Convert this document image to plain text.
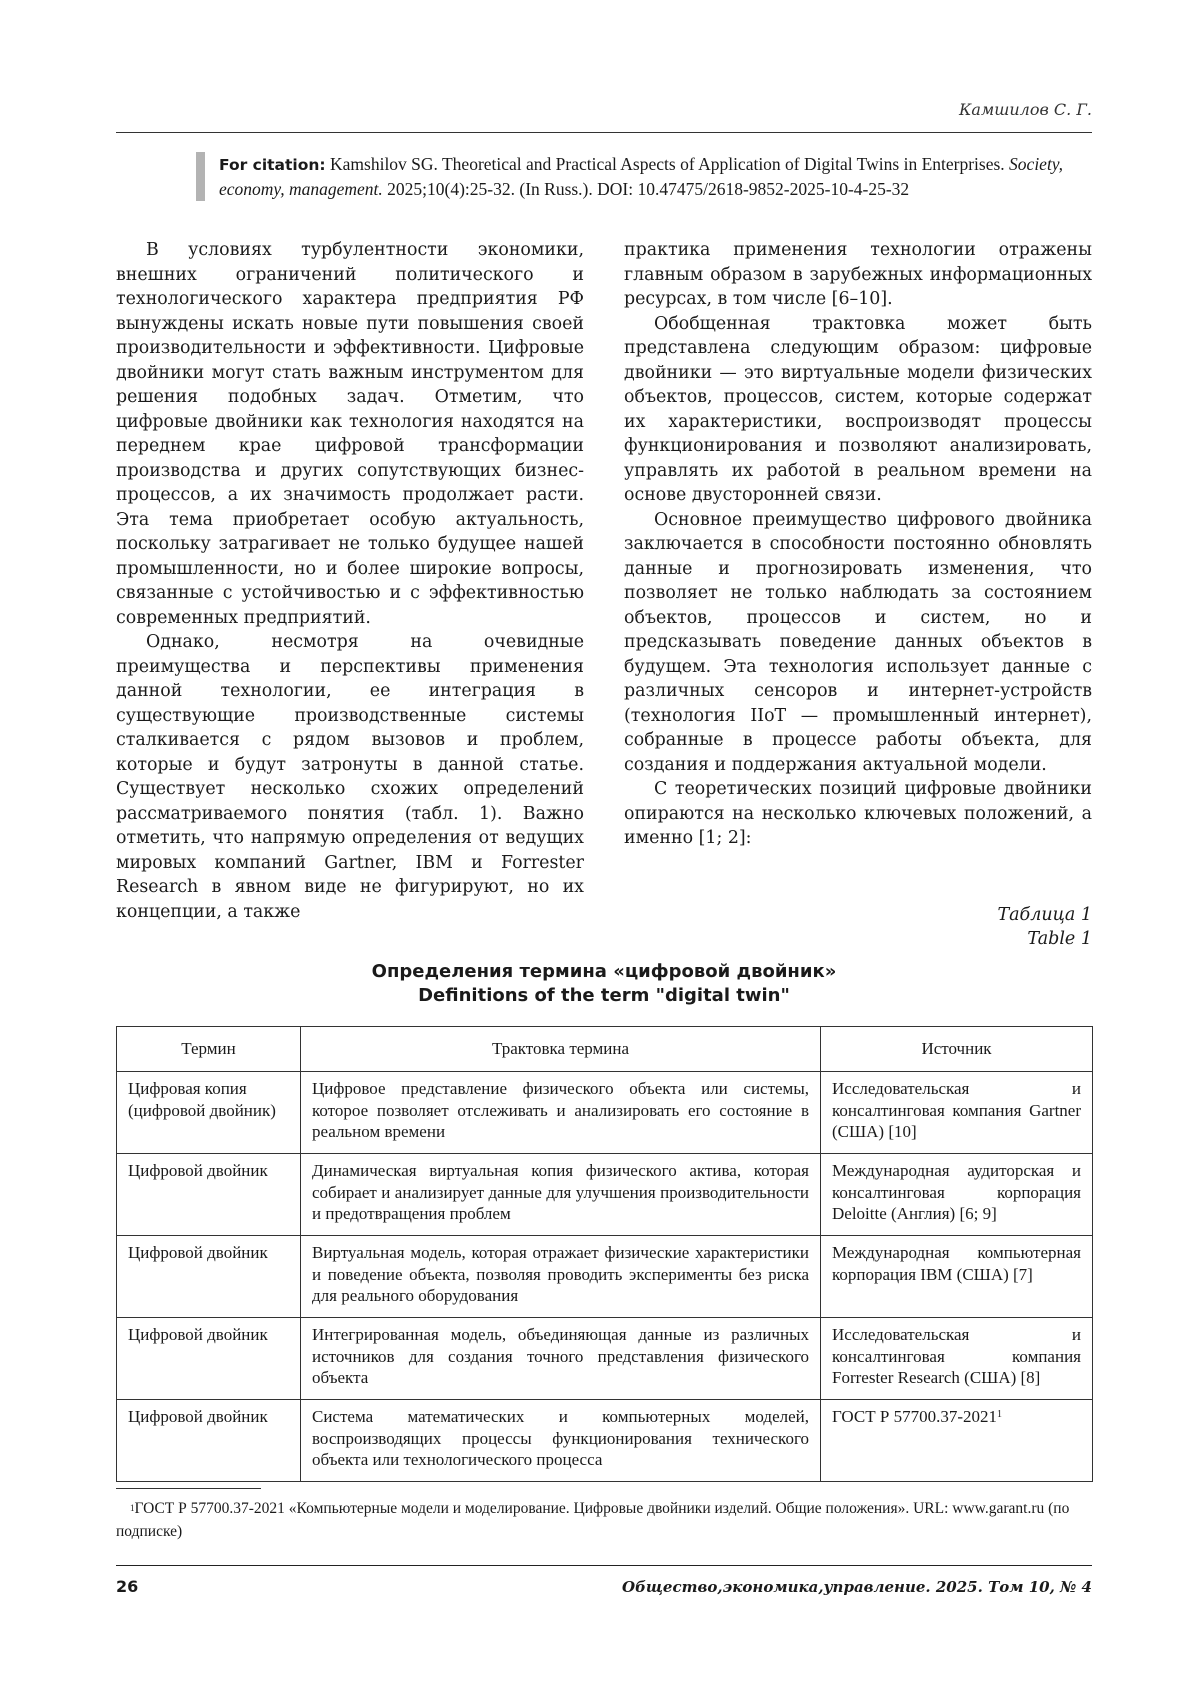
Камшилов С. Г.
For citation: Kamshilov SG. Theoretical and Practical Aspects of Application of Digital Twins in Enterprises. Society, economy, management. 2025;10(4):25-32. (In Russ.). DOI: 10.47475/2618-9852-2025-10-4-25-32

В условиях турбулентности экономики, внешних ограничений политического и технологического характера предприятия РФ вынуждены искать новые пути повышения своей производительности и эффективности. Цифровые двойники могут стать важным инструментом для решения подобных задач. Отметим, что цифровые двойники как технология находятся на переднем крае цифровой трансформации производства и других сопутствующих бизнес-процессов, а их значимость продолжает расти. Эта тема приобретает особую актуальность, поскольку затрагивает не только будущее нашей промышленности, но и более широкие вопросы, связанные с устойчивостью и с эффективностью современных предприятий.

Однако, несмотря на очевидные преимущества и перспективы применения данной технологии, ее интеграция в существующие производственные системы сталкивается с рядом вызовов и проблем, которые и будут затронуты в данной статье. Существует несколько схожих определений рассматриваемого понятия (табл. 1). Важно отметить, что напрямую определения от ведущих мировых компаний Gartner, IBM и Forrester Research в явном виде не фигурируют, но их концепции, а также

практика применения технологии отражены главным образом в зарубежных информационных ресурсах, в том числе [6–10].

Обобщенная трактовка может быть представлена следующим образом: цифровые двойники — это виртуальные модели физических объектов, процессов, систем, которые содержат их характеристики, воспроизводят процессы функционирования и позволяют анализировать, управлять их работой в реальном времени на основе двусторонней связи.

Основное преимущество цифрового двойника заключается в способности постоянно обновлять данные и прогнозировать изменения, что позволяет не только наблюдать за состоянием объектов, процессов и систем, но и предсказывать поведение данных объектов в будущем. Эта технология использует данные с различных сенсоров и интернет-устройств (технология IIoT — промышленный интернет), собранные в процессе работы объекта, для создания и поддержания актуальной модели.

С теоретических позиций цифровые двойники опираются на несколько ключевых положений, а именно [1; 2]:

Таблица 1
Table 1
Определения термина «цифровой двойник»
Definitions of the term "digital twin"
Термин	Трактовка термина	Источник
Цифровая копия (цифровой двойник)	Цифровое представление физического объекта или системы, которое позволяет отслеживать и анализировать его состояние в реальном времени	Исследовательская и консалтинговая компания Gartner (США) [10]
Цифровой двойник	Динамическая виртуальная копия физического актива, которая собирает и анализирует данные для улучшения производительности и предотвращения проблем	Международная аудиторская и консалтинговая корпорация Deloitte (Англия) [6; 9]
Цифровой двойник	Виртуальная модель, которая отражает физические характеристики и поведение объекта, позволяя проводить эксперименты без риска для реального оборудования	Международная компьютерная корпорация IBM (США) [7]
Цифровой двойник	Интегрированная модель, объединяющая данные из различных источников для создания точного представления физического объекта	Исследовательская и консалтинговая компания Forrester Research (США) [8]
Цифровой двойник	Система математических и компьютерных моделей, воспроизводящих процессы функционирования технического объекта или технологического процесса	ГОСТ Р 57700.37-2021$^1$
$^1$ГОСТ Р 57700.37-2021 «Компьютерные модели и моделирование. Цифровые двойники изделий. Общие положения». URL: www.garant.ru (по подписке)
26	Общество,экономика,управление. 2025. Том 10, № 4
